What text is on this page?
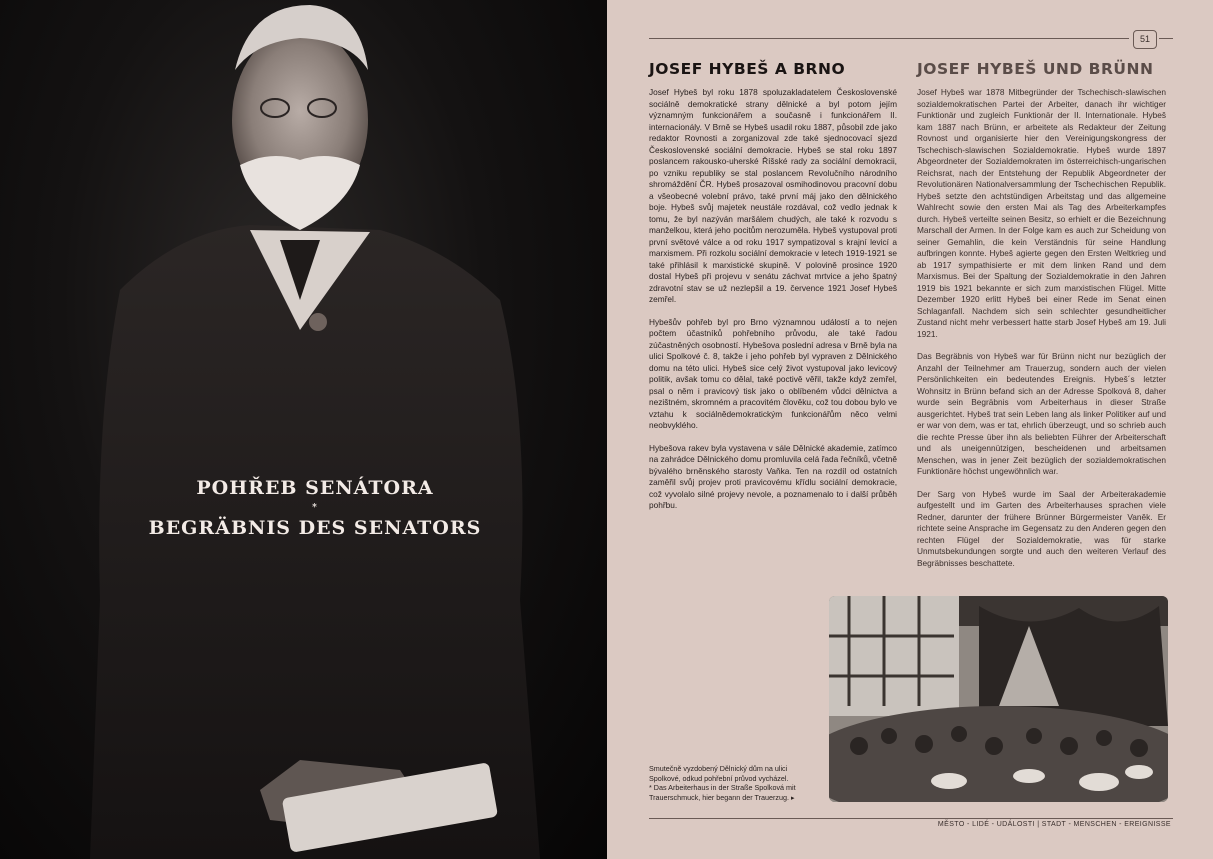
POHŘEB SENÁTORA
*
BEGRÄBNIS DES SENATORS
51
JOSEF HYBEŠ A BRNO	JOSEF HYBEŠ UND BRÜNN

Josef Hybeš byl roku 1878 spoluzakladatelem Československé sociálně demokratické strany dělnické a byl potom jejím významným funkcionářem a současně i funkcionářem II. internacionály. V Brně se Hybeš usadil roku 1887, působil zde jako redaktor Rovnosti a zorganizoval zde také sjednocovací sjezd Československé sociální demokracie. Hybeš se stal roku 1897 poslancem rakousko-uherské Říšské rady za sociální demokracii, po vzniku republiky se stal poslancem Revolučního národního shromáždění ČR. Hybeš prosazoval osmihodinovou pracovní dobu a všeobecné volební právo, také první máj jako den dělnického boje. Hybeš svůj majetek neustále rozdával, což vedlo jednak k tomu, že byl nazýván maršálem chudých, ale také k rozvodu s manželkou, která jeho pocitům nerozuměla. Hybeš vystupoval proti první světové válce a od roku 1917 sympatizoval s krajní levicí a marxismem. Při rozkolu sociální demokracie v letech 1919-1921 se také přihlásil k marxistické skupině. V polovině prosince 1920 dostal Hybeš při projevu v senátu záchvat mrtvice a jeho špatný zdravotní stav se už nezlepšil a 19. července 1921 Josef Hybeš zemřel.

Hybešův pohřeb byl pro Brno významnou událostí a to nejen počtem účastníků pohřebního průvodu, ale také řadou zúčastněných osobností. Hybešova poslední adresa v Brně byla na ulici Spolkové č. 8, takže i jeho pohřeb byl vypraven z Dělnického domu na této ulici. Hybeš sice celý život vystupoval jako levicový politik, avšak tomu co dělal, také poctivě věřil, takže když zemřel, psal o něm i pravicový tisk jako o oblíbeném vůdci dělnictva a nezištném, skromném a pracovitém člověku, což tou dobou bylo ve vztahu k sociálnědemokratickým funkcionářům něco velmi neobvyklého.

Hybešova rakev byla vystavena v sále Dělnické akademie, zatímco na zahrádce Dělnického domu promluvila celá řada řečníků, včetně bývalého brněnského starosty Vaňka. Ten na rozdíl od ostatních zaměřil svůj projev proti pravicovému křídlu sociální demokracie, což vyvolalo silné projevy nevole, a poznamenalo to i další průběh pohřbu.

Josef Hybeš war 1878 Mitbegründer der Tschechisch-slawischen sozialdemokratischen Partei der Arbeiter, danach ihr wichtiger Funktionär und zugleich Funktionär der II. Internationale. Hybeš kam 1887 nach Brünn, er arbeitete als Redakteur der Zeitung Rovnost und organisierte hier den Vereinigungskongress der Tschechisch-slawischen Sozialdemokratie. Hybeš wurde 1897 Abgeordneter der Sozialdemokraten im österreichisch-ungarischen Reichsrat, nach der Entstehung der Republik Abgeordneter der Revolutionären Nationalversammlung der Tschechischen Republik. Hybeš setzte den achtstündigen Arbeitstag und das allgemeine Wahlrecht sowie den ersten Mai als Tag des Arbeiterkampfes durch. Hybeš verteilte seinen Besitz, so erhielt er die Bezeichnung Marschall der Armen. In der Folge kam es auch zur Scheidung von seiner Gemahlin, die kein Verständnis für seine Handlung aufbringen konnte. Hybeš agierte gegen den Ersten Weltkrieg und ab 1917 sympathisierte er mit dem linken Rand und dem Marxismus. Bei der Spaltung der Sozialdemokratie in den Jahren 1919 bis 1921 bekannte er sich zum marxistischen Flügel. Mitte Dezember 1920 erlitt Hybeš bei einer Rede im Senat einen Schlaganfall. Nachdem sich sein schlechter gesundheitlicher Zustand nicht mehr verbessert hatte starb Josef Hybeš am 19. Juli 1921.

Das Begräbnis von Hybeš war für Brünn nicht nur bezüglich der Anzahl der Teilnehmer am Trauerzug, sondern auch der vielen Persönlichkeiten ein bedeutendes Ereignis. Hybeš´s letzter Wohnsitz in Brünn befand sich an der Adresse Spolková 8, daher wurde sein Begräbnis vom Arbeiterhaus in dieser Straße ausgerichtet. Hybeš trat sein Leben lang als linker Politiker auf und er war von dem, was er tat, ehrlich überzeugt, und so schrieb auch die rechte Presse über ihn als beliebten Führer der Arbeiterschaft und als uneigennützigen, bescheidenen und arbeitsamen Menschen, was in jener Zeit bezüglich der sozialdemokratischen Funktionäre höchst ungewöhnlich war.

Der Sarg von Hybeš wurde im Saal der Arbeiterakademie aufgestellt und im Garten des Arbeiterhauses sprachen viele Redner, darunter der frühere Brünner Bürgermeister Vaněk. Er richtete seine Ansprache im Gegensatz zu den Anderen gegen den rechten Flügel der Sozialdemokratie, was für starke Unmutsbekundungen sorgte und auch den weiteren Verlauf des Begräbnisses beschattete.

Smutečně vyzdobený Dělnický dům na ulici Spolkové, odkud pohřební průvod vycházel.
* Das Arbeiterhaus in der Straße Spolková mit Trauerschmuck, hier begann der Trauerzug. ▸
MĚSTO - LIDÉ - UDÁLOSTI | STADT - MENSCHEN - EREIGNISSE
